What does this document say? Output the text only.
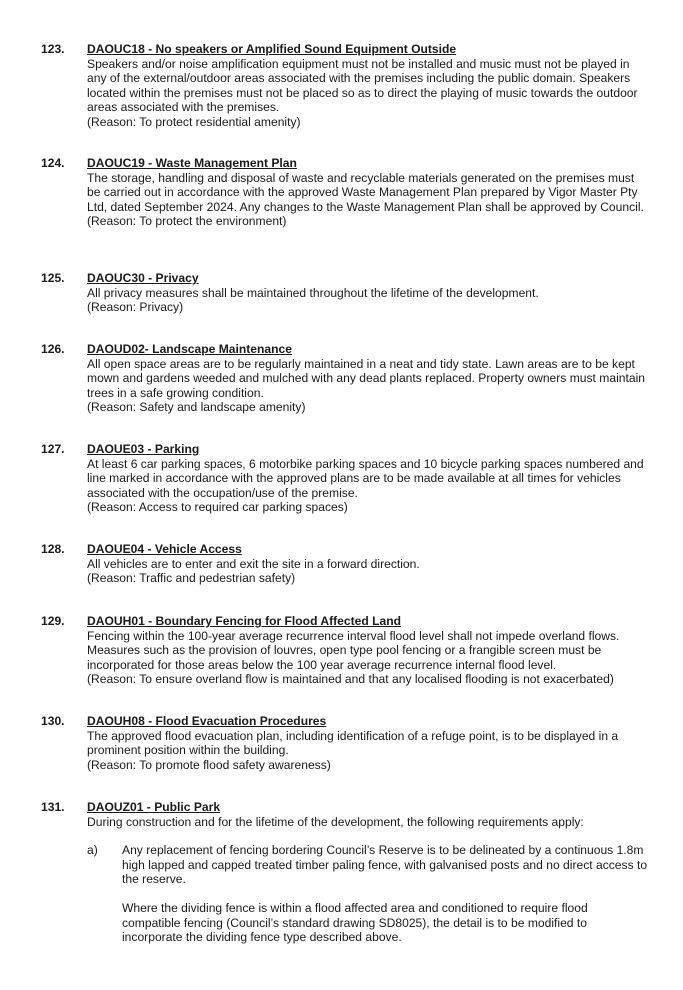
123.	DAOUC18 - No speakers or Amplified Sound Equipment Outside

Speakers and/or noise amplification equipment must not be installed and music must not be played in any of the external/outdoor areas associated with the premises including the public domain. Speakers located within the premises must not be placed so as to direct the playing of music towards the outdoor areas associated with the premises.

(Reason: To protect residential amenity)

124.	DAOUC19 - Waste Management Plan

The storage, handling and disposal of waste and recyclable materials generated on the premises must be carried out in accordance with the approved Waste Management Plan prepared by Vigor Master Pty Ltd, dated September 2024. Any changes to the Waste Management Plan shall be approved by Council.

(Reason: To protect the environment)

125.	DAOUC30 - Privacy

All privacy measures shall be maintained throughout the lifetime of the development.

(Reason: Privacy)

126.	DAOUD02- Landscape Maintenance

All open space areas are to be regularly maintained in a neat and tidy state. Lawn areas are to be kept mown and gardens weeded and mulched with any dead plants replaced. Property owners must maintain trees in a safe growing condition.

(Reason: Safety and landscape amenity)

127.	DAOUE03 - Parking

At least 6 car parking spaces, 6 motorbike parking spaces and 10 bicycle parking spaces numbered and line marked in accordance with the approved plans are to be made available at all times for vehicles associated with the occupation/use of the premise.

(Reason: Access to required car parking spaces)

128.	DAOUE04 - Vehicle Access

All vehicles are to enter and exit the site in a forward direction.

(Reason: Traffic and pedestrian safety)

129.	DAOUH01 - Boundary Fencing for Flood Affected Land

Fencing within the 100-year average recurrence interval flood level shall not impede overland flows. Measures such as the provision of louvres, open type pool fencing or a frangible screen must be incorporated for those areas below the 100 year average recurrence internal flood level.

(Reason: To ensure overland flow is maintained and that any localised flooding is not exacerbated)

130.	DAOUH08 - Flood Evacuation Procedures

The approved flood evacuation plan, including identification of a refuge point, is to be displayed in a prominent position within the building.

(Reason: To promote flood safety awareness)

131.	DAOUZ01 - Public Park

During construction and for the lifetime of the development, the following requirements apply:

a) Any replacement of fencing bordering Council’s Reserve is to be delineated by a continuous 1.8m high lapped and capped treated timber paling fence, with galvanised posts and no direct access to the reserve.

Where the dividing fence is within a flood affected area and conditioned to require flood compatible fencing (Council’s standard drawing SD8025), the detail is to be modified to incorporate the dividing fence type described above.
